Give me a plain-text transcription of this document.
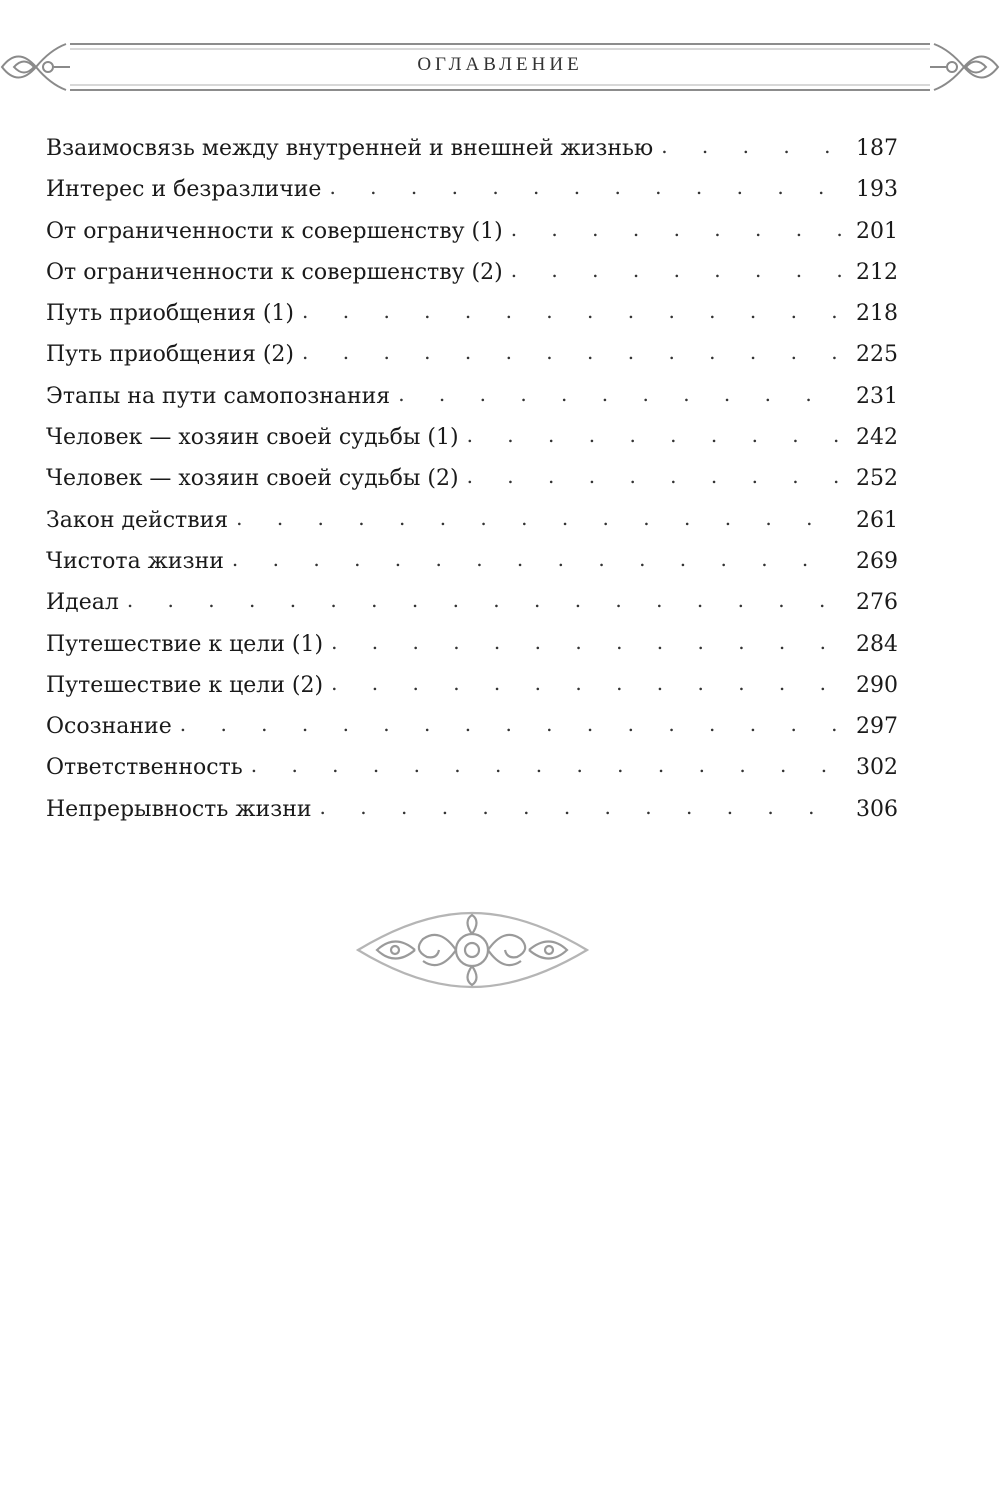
ОГЛАВЛЕНИЕ
Взаимосвязь между внутренней и внешней жизнью . . .	187
Интерес и безразличие . . .	193
От ограниченности к совершенству (1) . . .	201
От ограниченности к совершенству (2) . . .	212
Путь приобщения (1) . . .	218
Путь приобщения (2) . . .	225
Этапы на пути самопознания . . .	231
Человек — хозяин своей судьбы (1) . . .	242
Человек — хозяин своей судьбы (2) . . .	252
Закон действия . . .	261
Чистота жизни . . .	269
Идеал . . .	276
Путешествие к цели (1) . . .	284
Путешествие к цели (2) . . .	290
Осознание . . .	297
Ответственность . . .	302
Непрерывность жизни . . .	306
